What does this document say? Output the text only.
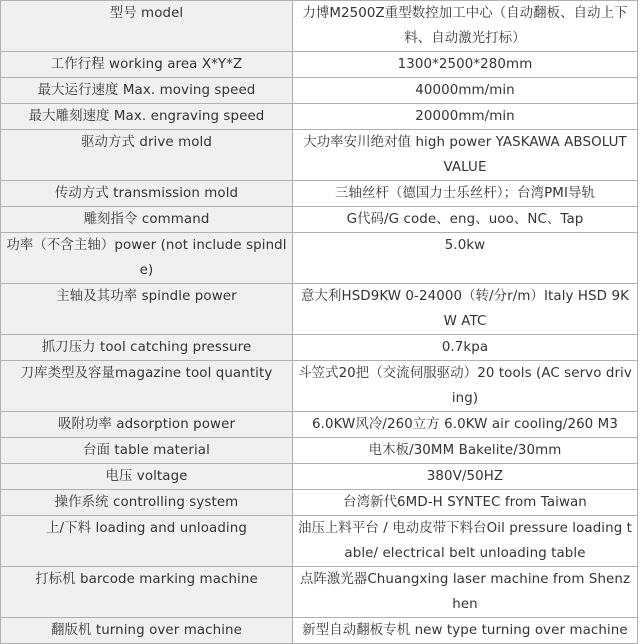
型号 model	力博M2500Z重型数控加工中心（自动翻板、自动上下料、自动激光打标）
工作行程 working area X*Y*Z	1300*2500*280mm
最大运行速度 Max. moving speed	40000mm/min
最大雕刻速度 Max. engraving speed	20000mm/min
驱动方式 drive mold	大功率安川绝对值 high power YASKAWA ABSOLUT VALUE
传动方式 transmission mold	三轴丝杆（德国力士乐丝杆）；台湾PMI导轨
雕刻指令 command	G代码/G code、eng、uoo、NC、Tap
功率（不含主轴）power (not include spindle)	5.0kw
主轴及其功率 spindle power	意大利HSD9KW 0-24000（转/分r/m）Italy HSD 9KW ATC
抓刀压力 tool catching pressure	0.7kpa
刀库类型及容量magazine tool quantity	斗笠式20把（交流伺服驱动）20 tools (AC servo driving)
吸附功率 adsorption power	6.0KW风冷/260立方 6.0KW air cooling/260 M3
台面 table material	电木板/30MM Bakelite/30mm
电压 voltage	380V/50HZ
操作系统 controlling system	台湾新代6MD-H SYNTEC from Taiwan
上/下料 loading and unloading	油压上料平台 / 电动皮带下料台Oil pressure loading table/ electrical belt unloading table
打标机 barcode marking machine	点阵激光器Chuangxing laser machine from Shenzhen
翻版机 turning over machine	新型自动翻板专机 new type turning over machine
